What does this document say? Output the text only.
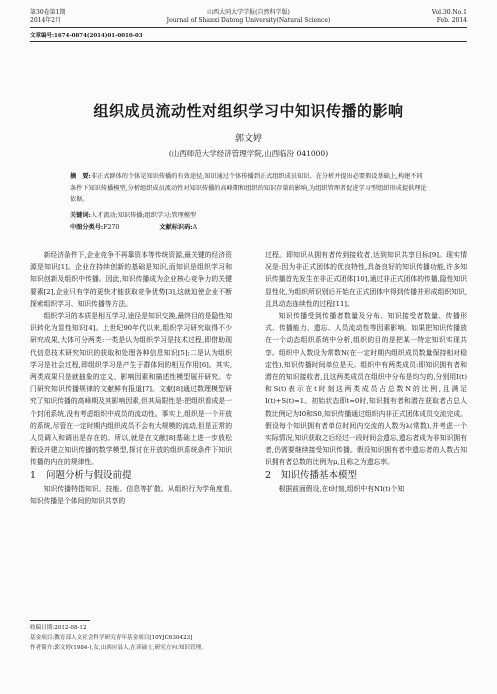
第30卷第1期
2014年2月
山西大同大学学报(自然科学版)
Journal of Shanxi Datong University(Natural Science)
Vol.30.No.1
Feb. 2014
文章编号:1674-0874(2014)01-0010-03
组织成员流动性对组织学习中知识传播的影响
郭文婷
(山西师范大学经济管理学院,山西临汾 041000)
摘　要:非正式群体的个体是知识传播的有效途径,知识通过个体传播到正式组织成员知识。在分析并提出必要假设基础上,构建不同条件下知识传播模型,分析组织成员流动性对知识传播的高峰期和组织的知识存量的影响,为组织管理者促进学习型组织形成提供理论依据。
关键词:人才流动;知识传播;组织学习;管理模型
中图分类号:F270	文献标识码:A

新经济条件下,企业竞争不再靠资本等传统资源,最关键的经济资源是知识[1]。企业在持续创新的基础是知识,而知识是组织学习和知识创新及组织中传播。因此,知识传播成为企业核心竞争力的关键要素[2],企业只有学的更快才能获取竞争优势[3],这就迫使企业不断探索组织学习、知识传播等方法。

组织学习的本质是相互学习,途径是知识交换,最终目的是隐性知识转化为显性知识[4]。上世纪90年代以来,组织学习研究取得不少研究成果,大体可分两类:一类是认为组织学习是技术过程,即借助现代信息技术研究知识的获取和处理各种信息知识[5];二是认为组织学习是社会过程,即组织学习是产生于群体间的相互作用[6]。其实,两类成果只是就抽象的定义、影响因素和描述性模型展开研究。专门研究知识传播规律的文献鲜有报道[7]。文献[8]通过数理模型研究了知识传播的高峰期及其影响因素,但其局限性是:把组织看成是一个封闭系统,没有考虑组织中成员的流动性。事实上,组织是一个开放的系统,尽管在一定时期内组织成员不会有大规模的流动,但是正常的人员调入和调出是存在的。所以,就是在文献[8]基础上进一步放松假设并建立知识传播的数学模型,探讨在开放的组织系统条件下知识传播的内在的规律性。

1 问题分析与假设前提

知识传播特指知识、技能、信息等扩散。从组织行为学角度看,知识传播是个体间的知识共享的

过程。即知识从拥有者传到接收者,达到知识共享目标[9]。现实情况是:因为非正式团体的优良特性,具备良好的知识传播功能,许多知识传播首先发生在非正式团体[10],通过非正式团体的传播,隐性知识显性化,为组织所识别后开始在正式团体中得到传播并形成组织知识,且具动态连续性的过程[11]。

知识传播受到传播者数量及分布、知识接受者数量、传播形式、传播能力、遗忘、人员流动性等因素影响。如果把知识传播放在一个动态组织系统中分析,组织的目的是把某一特定知识实现共享。组织中人数设为常数N(在一定时期内组织成员数量保持相对稳定性),知识传播时间单位是天。组织中有两类成员:即知识拥有者和潜在的知识接收者,且这两类成员在组织中分布是均匀的,分别用I(t)和S(t)表示在t时刻这两类成员占总数N的比例,且满足I(t)+S(t)=1。初始状态即t=0时,知识拥有者和潜在获取者占总人数比例记为I0和S0,知识传播通过组织内非正式团体成员交流完成。假设每个知识拥有者单位时间内交流的人数为λ(常数),并考虑一个实际情况,知识获取之后经过一段时间会遗忘,遗忘者成为非知识拥有者,仍需要继续接受知识传播。假设知识拥有者中遗忘者的人数占知识拥有者总数的比例为μ,且称之为遗忘率。

2 知识传播基本模型

根据前面假设,在t时刻,组织中有NI(t)个知

收稿日期:2012-08-12
基金项目:教育部人文社会科学研究青年基金项目[10YJC630423]
作者简介:郭文婷(1984-),女,山西应县人,在读硕士,研究方向:知识管理。
